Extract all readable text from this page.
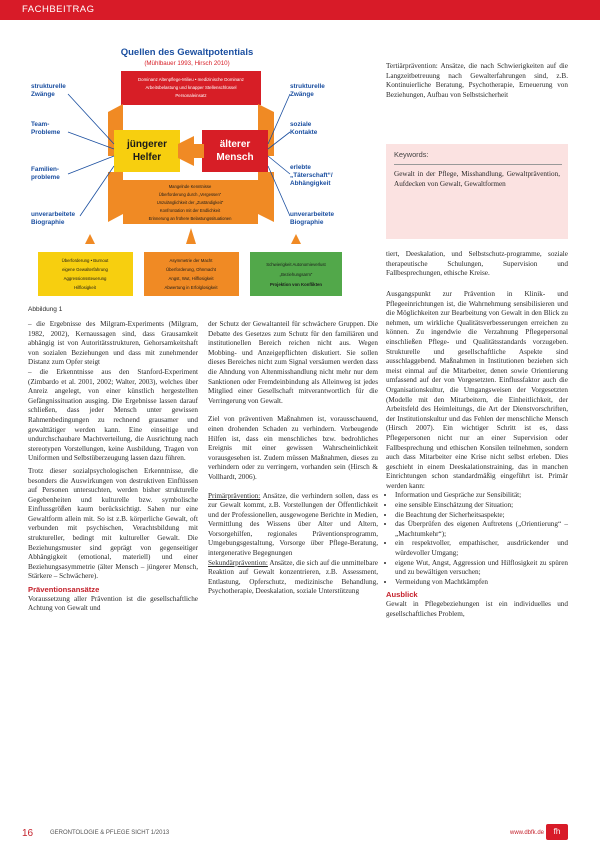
FACHBEITRAG
Quellen des Gewaltpotentials
(Mühlbauer 1993, Hirsch 2010)
Dominanz Altenpflege-Milieu • medizinische Dominanz
Arbeitsbelastung und knapper Stellenschlüssel
Personaleinsatz
jüngerer
Helfer
älterer
Mensch
Mangelnde Kenntnisse
Überforderung durch „Vergessen“
Unzulänglichkeit der „Zuständigkeit“
Konfrontation mit der Endlichkeit
Erinnerung an frühere Belastungssituationen
strukturelle Zwänge
Team-Probleme
Familien-probleme
unverarbeitete Biographie
strukturelle Zwänge
soziale Kontakte
erlebte „Täterschaft“/ Abhängigkeit
unverarbeitete Biographie
Überforderung • Burnout
eigene Gewalterfahrung
Aggressionssteuerung
Hilflosigkeit
Asymmetrie der Macht
Überforderung, Ohnmacht
Angst, Wut, Hilflosigkeit
Abwertung in Erfolglosigkeit
Schwierigkeit Autonomieverlust
„Beziehungsarm“
Projektion von Konflikten
Abbildung 1

Tertiärprävention: Ansätze, die nach Schwierigkeiten auf die Langzeitbetreuung nach Gewalterfahrungen sind, z.B. Kontinuierliche Beratung, Psychotherapie, Erneuerung von Beziehungen, Aufbau von Selbstsicherheit

Keywords:
Gewalt in der Pflege, Misshandlung, Gewaltprävention, Aufdecken von Gewalt, Gewaltformen

tiert, Deeskalation, und Selbstschutz-programme, soziale therapeutische Schulungen, Supervision und Fallbesprechungen, ethische Kreise.

– die Ergebnisse des Milgram-Experiments (Milgram, 1982, 2002), Kernaussagen sind, dass Grausamkeit abhängig ist von Autoritätsstrukturen, Gehorsamkeitshaft von sozialen Beziehungen und dass mit zunehmender Distanz zum Opfer steigt

– die Erkenntnisse aus den Stanford-Experiment (Zimbardo et al. 2001, 2002; Walter, 2003), welches über Anreiz angelegt, von einer künstlich hergestellten Gefängnissituation ausging. Die Ergebnisse lassen darauf schließen, dass jeder Mensch unter gewissen Rahmenbedingungen zu rechnend grausamer und gewalttätiger werden kann. Eine einseitige und undurchschaubare Machtverteilung, die Ausrichtung nach stereotypen Vorstellungen, keine Ausbildung, Tragen von Uniformen und Selbstüberzeugung lassen dazu führen.

Trotz dieser sozialpsychologischen Erkenntnisse, die besonders die Auswirkungen von destruktiven Einflüssen auf Personen untersuchten, werden bisher strukturelle Gegebenheiten und kulturelle bzw. symbolische Einflussgrößen kaum berücksichtigt. Sahen nur eine Gewaltform allein mit. So ist z.B. körperliche Gewalt, oft verbunden mit psychischen, Verachtsbildung mit struktureller, bedingt mit kultureller Gewalt. Die Beziehungsmuster sind geprägt von gegenseitiger Abhängigkeit (emotional, materiell) und einer Beziehungsasymmetrie (älter Mensch – jüngerer Mensch, Stärkere – Schwächere).

Präventionsansätze

Voraussetzung aller Prävention ist die gesellschaftliche Achtung von Gewalt und

der Schutz der Gewaltanteil für schwächere Gruppen. Die Debatte des Gesetzes zum Schutz für den familiären und institutionellen Bereich reichen nicht aus. Wegen Mobbing- und Anzeigepflichten diskutiert. Sie sollen dieses Bereiches nicht zum Signal versäumen werden dass die Ahndung von Altenmisshandlung nicht mehr nur dem Sanktionen oder Fremdeinbindung als Alleinweg ist jedes Mitglied einer Gesellschaft mitverantwortlich für die Verringerung von Gewalt.

Ziel von präventiven Maßnahmen ist, vorausschauend, einen drohenden Schaden zu verhindern. Vorbeugende Hilfen ist, dass ein menschliches bzw. bedrohliches Ereignis mit einer gewissen Wahrscheinlichkeit vorausgesehen ist. Zudem müssen Maßnahmen, dieses zu verhindern oder zu verringern, vorhanden sein (Hirsch & Vollhardt, 2006).

Primärprävention: Ansätze, die verhindern sollen, dass es zur Gewalt kommt, z.B. Vorstellungen der Öffentlichkeit und der Professionellen, ausgewogene Berichte in Medien, Vermittlung des Wissens über Alter und Altern, Vorsorgehilfen, regionales Präventionsprogramm, Umgebungsgestaltung, Vorsorge über Pflege-Beratung, intergenerative Begegnungen

Sekundärprävention: Ansätze, die sich auf die unmittelbare Reaktion auf Gewalt konzentrieren, z.B. Assessment, Entlastung, Opferschutz, medizinische Behandlung, Psychotherapie, Deeskalation, soziale Unterstützung

Ausgangspunkt zur Prävention in Klinik- und Pflegeeinrichtungen ist, die Wahrnehmung sensibilisieren und die Möglichkeiten zur Bearbeitung von Gewalt in den Blick zu nehmen, um wirkliche Qualitätsverbesserungen erreichen zu können. Zu ingendwie die Verzahnung Pflegepersonal einschließen Pflege- und Qualitätsstandards vorzugeben. Strukturelle und gesellschaftliche Aspekte sind ausschlaggebend. Maßnahmen in Institutionen beziehen sich meist einmal auf die Mitarbeiter, denen sowie Orientierung umfassend auf der von Vorgesetzten. Einflussfaktor auch die Organisationskultur, die Umgangsweisen der Vorgesetzten (Modelle mit den Mitarbeitern, die Einheitlichkeit, der Arbeitsfeld des Heimleitungs, die Art der Dienstvorschriften, der Institutionskultur und das Fehlen der menschliche Mensch (Hirsch 2007). Ein wichtiger Schritt ist es, dass Pflegepersonen nicht nur an einer Supervision oder Fallbesprechung und ethischen Konsilen teilnehmen, sondern auch dass Mitarbeiter eine Krise nicht selbst erleben. Dies geschieht in einem Deeskalationstraining, das in manchen Einrichtungen schon standardmäßig eingeführt ist. Primär werden kann:

• Information und Gespräche zur Sensibilität;
• eine sensible Einschätzung der Situation;
• die Beachtung der Sicherheitsaspekte;
• das Überprüfen des eigenen Auftretens („Orientierung“ – „Machtumkehr“);
• ein respektvoller, empathischer, ausdrückender und würdevoller Umgang;
• eigene Wut, Angst, Aggression und Hilflosigkeit zu spüren und zu bewältigen versuchen;
• Vermeidung von Machtkämpfen
Ausblick

Gewalt in Pflegebeziehungen ist ein individuelles und gesellschaftliches Problem,

16	GERONTOLOGIE & PFLEGE SICHT 1/2013	www.dbfk.de	fh
